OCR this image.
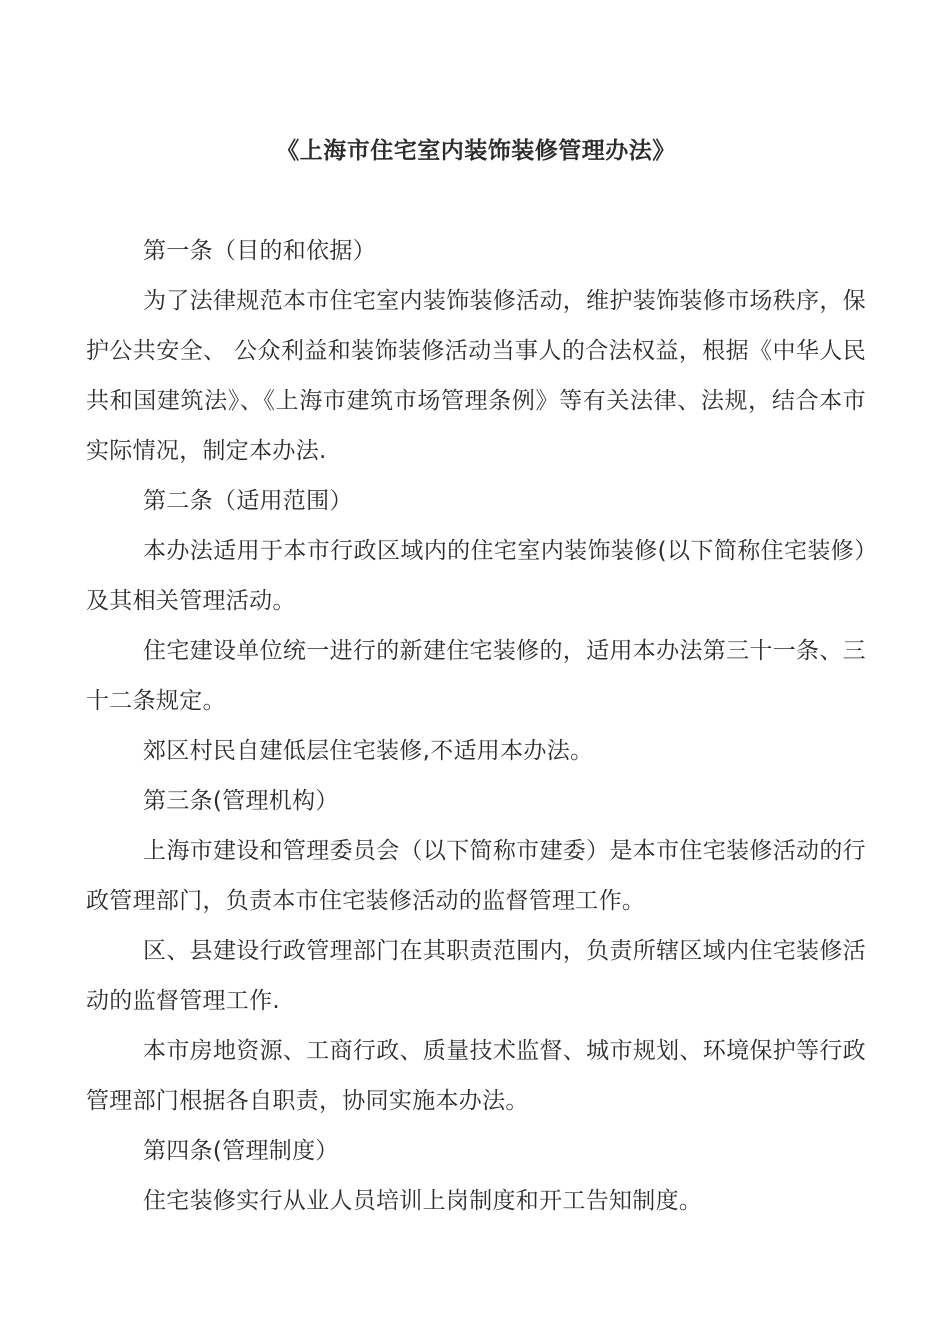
《上海市住宅室内装饰装修管理办法》

第一条（目的和依据）

为了法律规范本市住宅室内装饰装修活动，维护装饰装修市场秩序，保护公共安全、 公众利益和装饰装修活动当事人的合法权益，根据《中华人民共和国建筑法》、《上海市建筑市场管理条例》等有关法律、法规，结合本市实际情况，制定本办法.

第二条（适用范围）

本办法适用于本市行政区域内的住宅室内装饰装修(以下简称住宅装修）及其相关管理活动。

住宅建设单位统一进行的新建住宅装修的，适用本办法第三十一条、三十二条规定。

郊区村民自建低层住宅装修,不适用本办法。

第三条(管理机构）

上海市建设和管理委员会（以下简称市建委）是本市住宅装修活动的行政管理部门，负责本市住宅装修活动的监督管理工作。

区、县建设行政管理部门在其职责范围内，负责所辖区域内住宅装修活动的监督管理工作.

本市房地资源、工商行政、质量技术监督、城市规划、环境保护等行政管理部门根据各自职责，协同实施本办法。

第四条(管理制度）

住宅装修实行从业人员培训上岗制度和开工告知制度。
